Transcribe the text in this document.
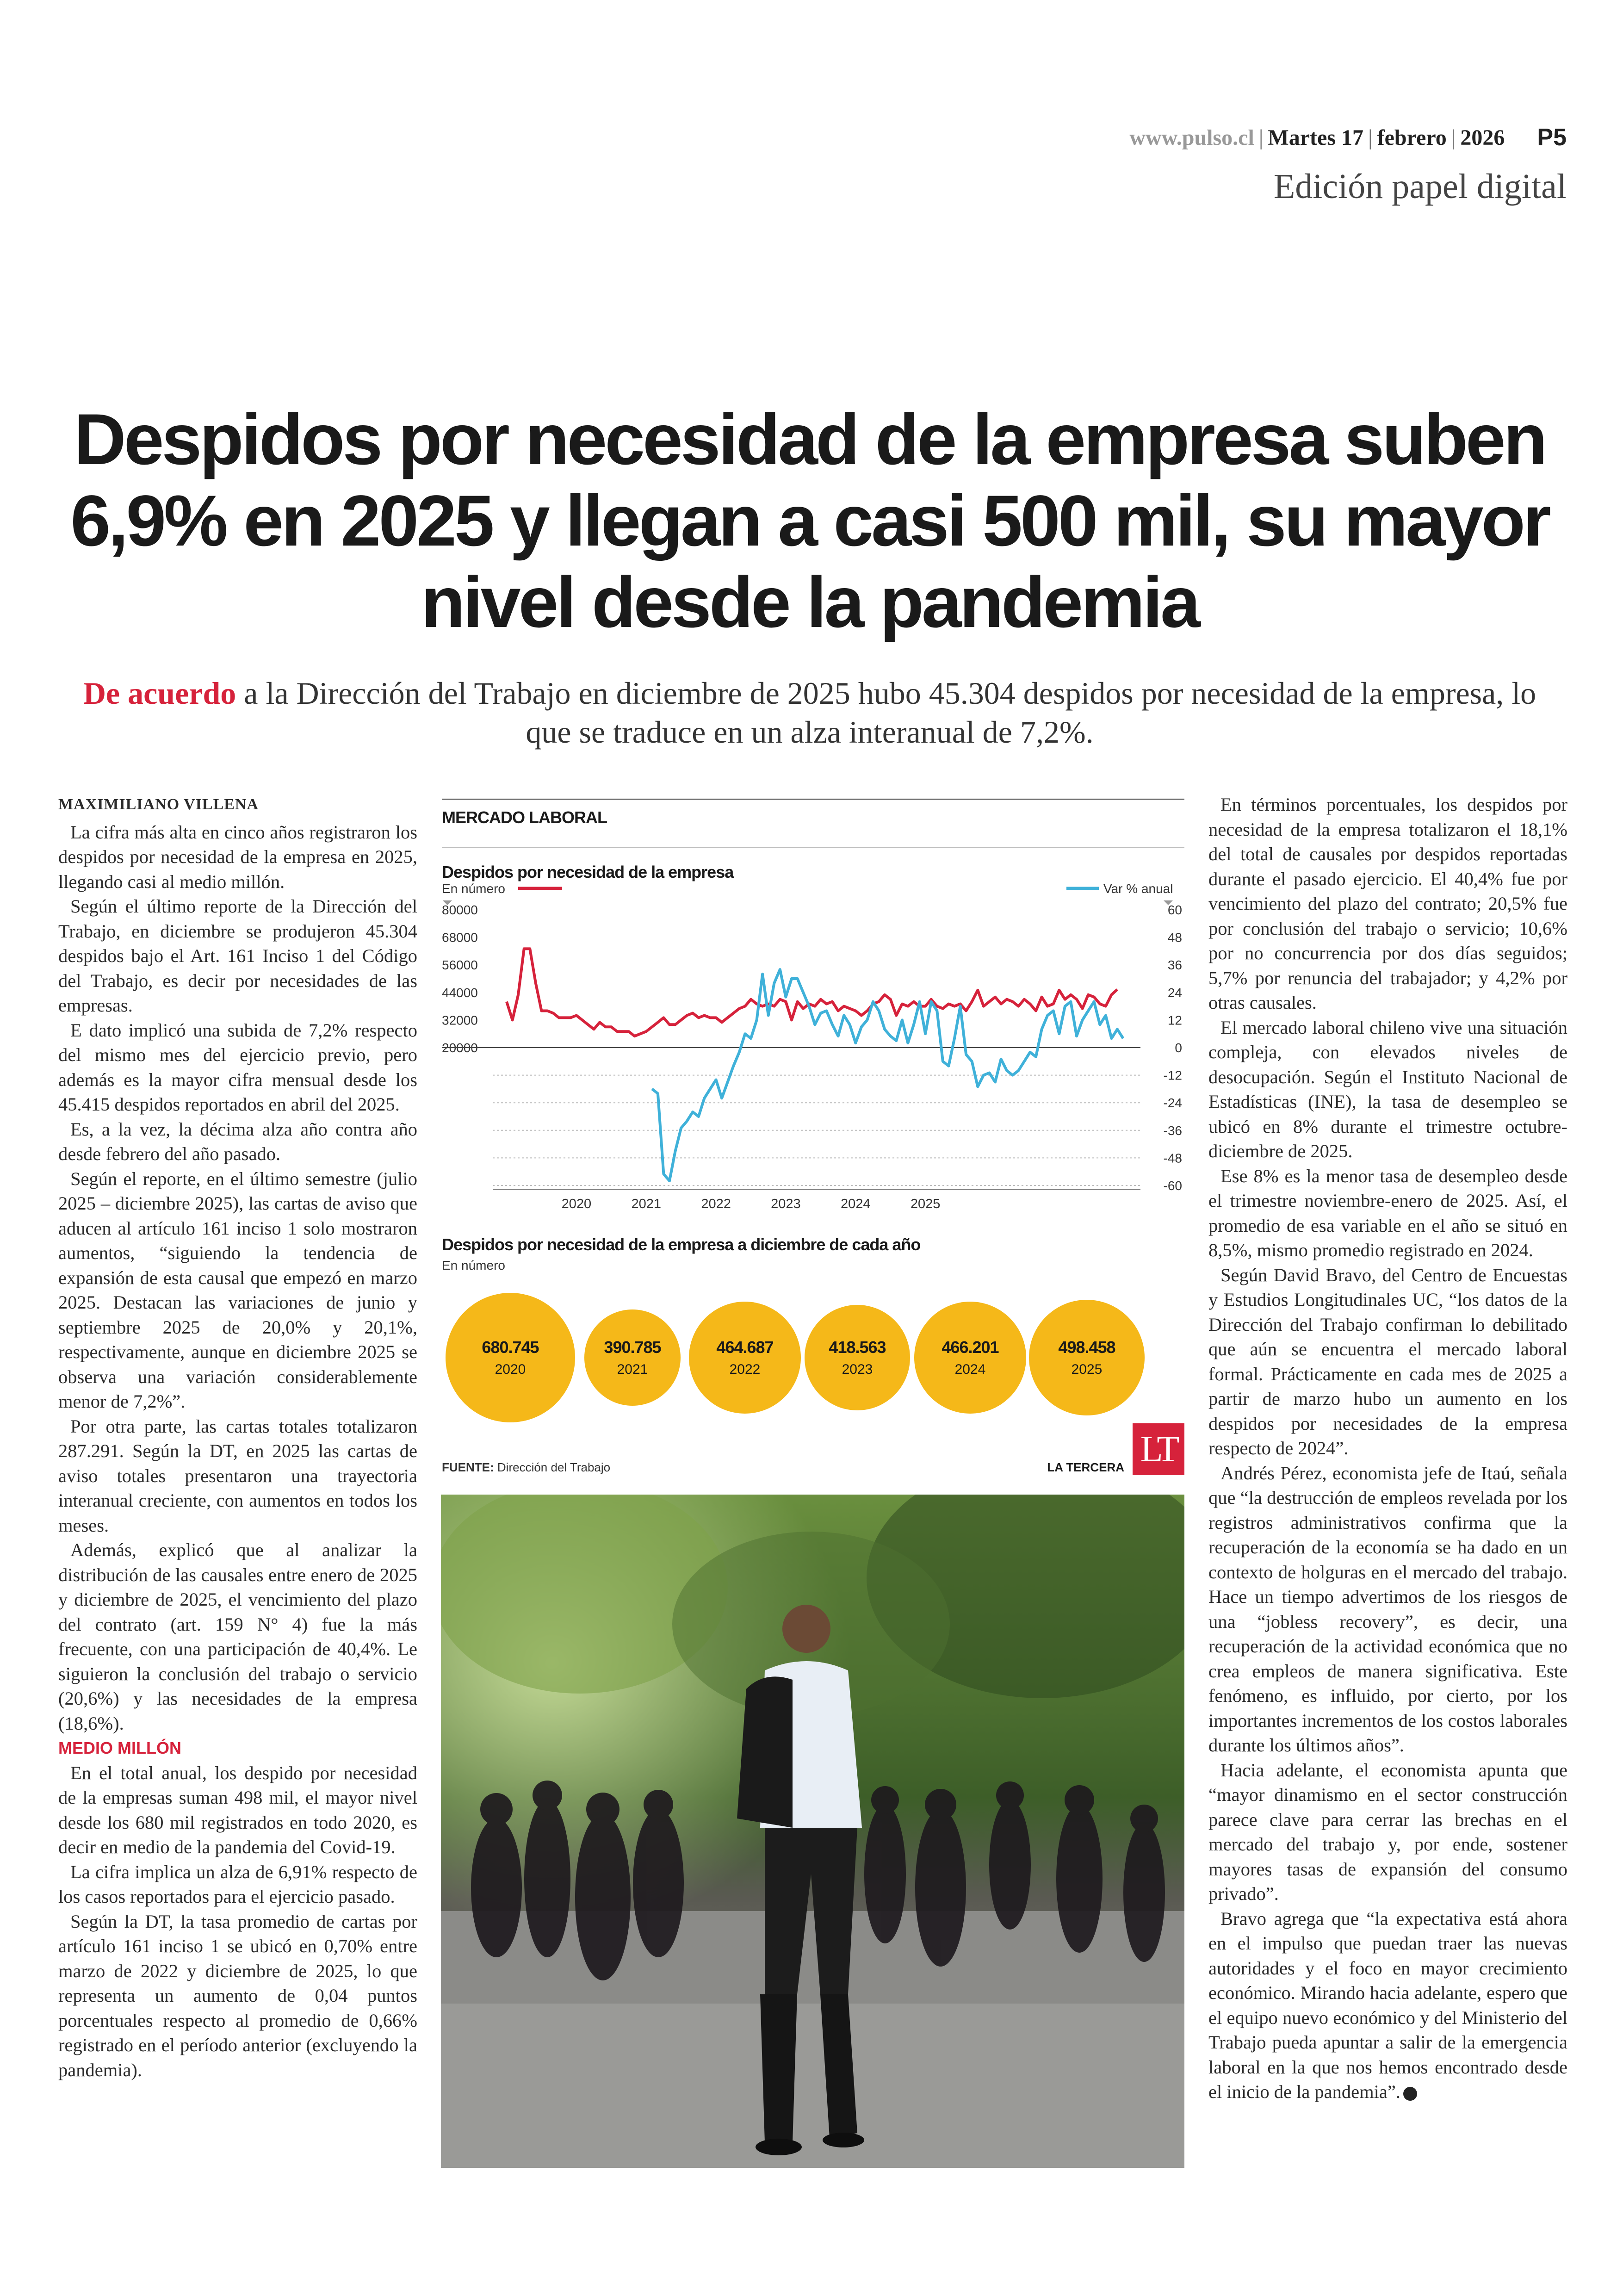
www.pulso.cl | Martes 17 | febrero | 2026 P5
Edición papel digital
Despidos por necesidad de la empresa suben 6,9% en 2025 y llegan a casi 500 mil, su mayor nivel desde la pandemia
De acuerdo a la Dirección del Trabajo en diciembre de 2025 hubo 45.304 despidos por necesidad de la empresa, lo que se traduce en un alza interanual de 7,2%.

MAXIMILIANO VILLENA

La cifra más alta en cinco años registraron los despidos por necesidad de la empresa en 2025, llegando casi al medio millón.

Según el último reporte de la Dirección del Trabajo, en diciembre se produjeron 45.304 despidos bajo el Art. 161 Inciso 1 del Código del Trabajo, es decir por necesidades de las empresas.

E dato implicó una subida de 7,2% respecto del mismo mes del ejercicio previo, pero además es la mayor cifra mensual desde los 45.415 despidos reportados en abril del 2025.

Es, a la vez, la décima alza año contra año desde febrero del año pasado.

Según el reporte, en el último semestre (julio 2025 – diciembre 2025), las cartas de aviso que aducen al artículo 161 inciso 1 solo mostraron aumentos, “siguiendo la tendencia de expansión de esta causal que empezó en marzo 2025. Destacan las variaciones de junio y septiembre 2025 de 20,0% y 20,1%, respectivamente, aunque en diciembre 2025 se observa una variación considerablemente menor de 7,2%”.

Por otra parte, las cartas totales totalizaron 287.291. Según la DT, en 2025 las cartas de aviso totales presentaron una trayectoria interanual creciente, con aumentos en todos los meses.

Además, explicó que al analizar la distribución de las causales entre enero de 2025 y diciembre de 2025, el vencimiento del plazo del contrato (art. 159 N° 4) fue la más frecuente, con una participación de 40,4%. Le siguieron la conclusión del trabajo o servicio (20,6%) y las necesidades de la empresa (18,6%).

MEDIO MILLÓN

En el total anual, los despido por necesidad de la empresas suman 498 mil, el mayor nivel desde los 680 mil registrados en todo 2020, es decir en medio de la pandemia del Covid-19.

La cifra implica un alza de 6,91% respecto de los casos reportados para el ejercicio pasado.

Según la DT, la tasa promedio de cartas por artículo 161 inciso 1 se ubicó en 0,70% entre marzo de 2022 y diciembre de 2025, lo que representa un aumento de 0,04 puntos porcentuales respecto al promedio de 0,66% registrado en el período anterior (excluyendo la pandemia).

MERCADO LABORAL
Despidos por necesidad de la empresa
En número	Var % anual
80000
68000
56000
44000
32000
20000
60
48
36
24
12
0
-12
-24
-36
-48
-60
2020	2021	2022	2023	2024	2025
Despidos por necesidad de la empresa a diciembre de cada año
En número
680.745
2020
390.785
2021
464.687
2022
418.563
2023
466.201
2024
498.458
2025
FUENTE: Dirección del Trabajo	LA TERCERA LT

En términos porcentuales, los despidos por necesidad de la empresa totalizaron el 18,1% del total de causales por despidos reportadas durante el pasado ejercicio. El 40,4% fue por vencimiento del plazo del contrato; 20,5% fue por conclusión del trabajo o servicio; 10,6% por no concurrencia por dos días seguidos; 5,7% por renuncia del trabajador; y 4,2% por otras causales.

El mercado laboral chileno vive una situación compleja, con elevados niveles de desocupación. Según el Instituto Nacional de Estadísticas (INE), la tasa de desempleo se ubicó en 8% durante el trimestre octubre-diciembre de 2025.

Ese 8% es la menor tasa de desempleo desde el trimestre noviembre-enero de 2025. Así, el promedio de esa variable en el año se situó en 8,5%, mismo promedio registrado en 2024.

Según David Bravo, del Centro de Encuestas y Estudios Longitudinales UC, “los datos de la Dirección del Trabajo confirman lo debilitado que aún se encuentra el mercado laboral formal. Prácticamente en cada mes de 2025 a partir de marzo hubo un aumento en los despidos por necesidades de la empresa respecto de 2024”.

Andrés Pérez, economista jefe de Itaú, señala que “la destrucción de empleos revelada por los registros administrativos confirma que la recuperación de la economía se ha dado en un contexto de holguras en el mercado del trabajo. Hace un tiempo advertimos de los riesgos de una “jobless recovery”, es decir, una recuperación de la actividad económica que no crea empleos de manera significativa. Este fenómeno, es influido, por cierto, por los importantes incrementos de los costos laborales durante los últimos años”.

Hacia adelante, el economista apunta que “mayor dinamismo en el sector construcción parece clave para cerrar las brechas en el mercado del trabajo y, por ende, sostener mayores tasas de expansión del consumo privado”.

Bravo agrega que “la expectativa está ahora en el impulso que puedan traer las nuevas autoridades y el foco en mayor crecimiento económico. Mirando hacia adelante, espero que el equipo nuevo económico y del Ministerio del Trabajo pueda apuntar a salir de la emergencia laboral en la que nos hemos encontrado desde el inicio de la pandemia”.
